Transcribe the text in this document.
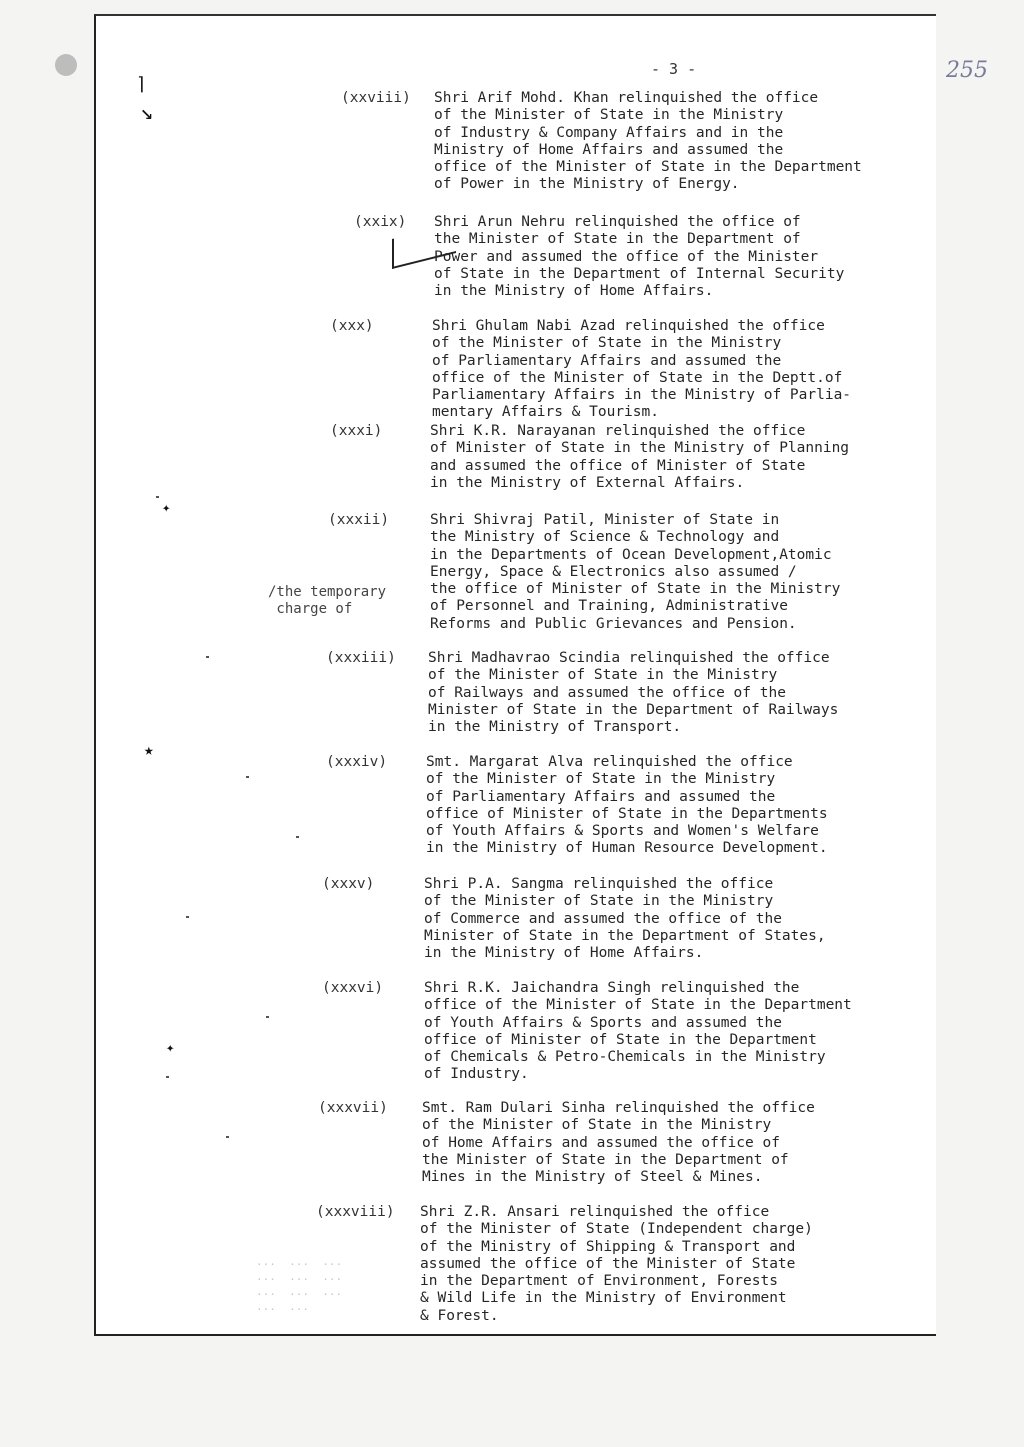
- 3 -	255
⌉
↘
/the temporary
charge of
...  ...  ...
...  ...  ...
...  ...  ...
...  ...
(xxviii) Shri Arif Mohd. Khan relinquished the office
of the Minister of State in the Ministry
of Industry & Company Affairs and in the
Ministry of Home Affairs and assumed the
office of the Minister of State in the Department
of Power in the Ministry of Energy.
(xxix) Shri Arun Nehru relinquished the office of
the Minister of State in the Department of
Power and assumed the office of the Minister
of State in the Department of Internal Security
in the Ministry of Home Affairs.
(xxx)	Shri Ghulam Nabi Azad relinquished the office
of the Minister of State in the Ministry
of Parliamentary Affairs and assumed the
office of the Minister of State in the Deptt.of
Parliamentary Affairs in the Ministry of Parlia-
mentary Affairs & Tourism.
(xxxi)	Shri K.R. Narayanan relinquished the office
of Minister of State in the Ministry of Planning
and assumed the office of Minister of State
in the Ministry of External Affairs.
(xxxii)	Shri Shivraj Patil, Minister of State in
the Ministry of Science & Technology and
in the Departments of Ocean Development,Atomic
Energy, Space & Electronics also assumed /
the office of Minister of State in the Ministry
of Personnel and Training, Administrative
Reforms and Public Grievances and Pension.
(xxxiii) Shri Madhavrao Scindia relinquished the office
of the Minister of State in the Ministry
of Railways and assumed the office of the
Minister of State in the Department of Railways
in the Ministry of Transport.
(xxxiv)	Smt. Margarat Alva relinquished the office
of the Minister of State in the Ministry
of Parliamentary Affairs and assumed the
office of Minister of State in the Departments
of Youth Affairs & Sports and Women's Welfare
in the Ministry of Human Resource Development.
(xxxv)	Shri P.A. Sangma relinquished the office
of the Minister of State in the Ministry
of Commerce and assumed the office of the
Minister of State in the Department of States,
in the Ministry of Home Affairs.
(xxxvi)	Shri R.K. Jaichandra Singh relinquished the
office of the Minister of State in the Department
of Youth Affairs & Sports and assumed the
office of Minister of State in the Department
of Chemicals & Petro-Chemicals in the Ministry
of Industry.
(xxxvii) Smt. Ram Dulari Sinha relinquished the office
of the Minister of State in the Ministry
of Home Affairs and assumed the office of
the Minister of State in the Department of
Mines in the Ministry of Steel & Mines.
(xxxviii) Shri Z.R. Ansari relinquished the office
of the Minister of State (Independent charge)
of the Ministry of Shipping & Transport and
assumed the office of the Minister of State
in the Department of Environment, Forests
& Wild Life in the Ministry of Environment
& Forest.
★
✦
✦
